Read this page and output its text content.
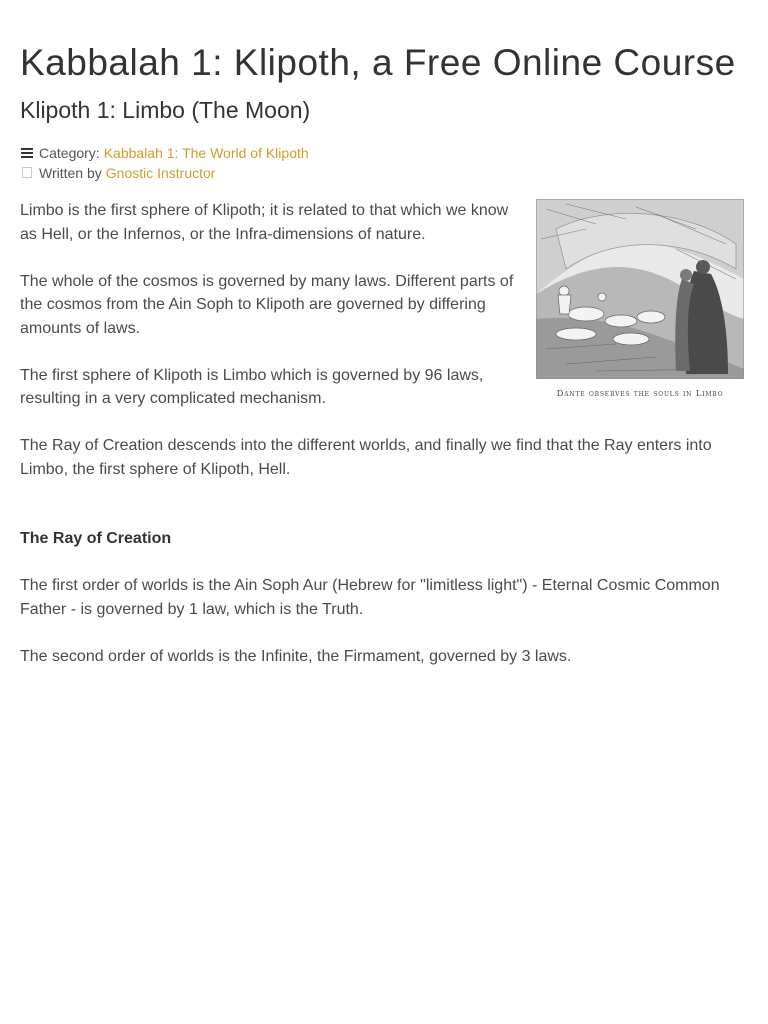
Kabbalah 1: Klipoth, a Free Online Course
Klipoth 1: Limbo (The Moon)
Category: Kabbalah 1: The World of Klipoth
Written by Gnostic Instructor
Dante observes the souls in Limbo

Limbo is the first sphere of Klipoth; it is related to that which we know as Hell, or the Infernos, or the Infra-dimensions of nature.

The whole of the cosmos is governed by many laws. Different parts of the cosmos from the Ain Soph to Klipoth are governed by differing amounts of laws.

The first sphere of Klipoth is Limbo which is governed by 96 laws, resulting in a very complicated mechanism.

The Ray of Creation descends into the different worlds, and finally we find that the Ray enters into Limbo, the first sphere of Klipoth, Hell.

The Ray of Creation

The first order of worlds is the Ain Soph Aur (Hebrew for "limitless light") - Eternal Cosmic Common Father - is governed by 1 law, which is the Truth.

The second order of worlds is the Infinite, the Firmament, governed by 3 laws.
